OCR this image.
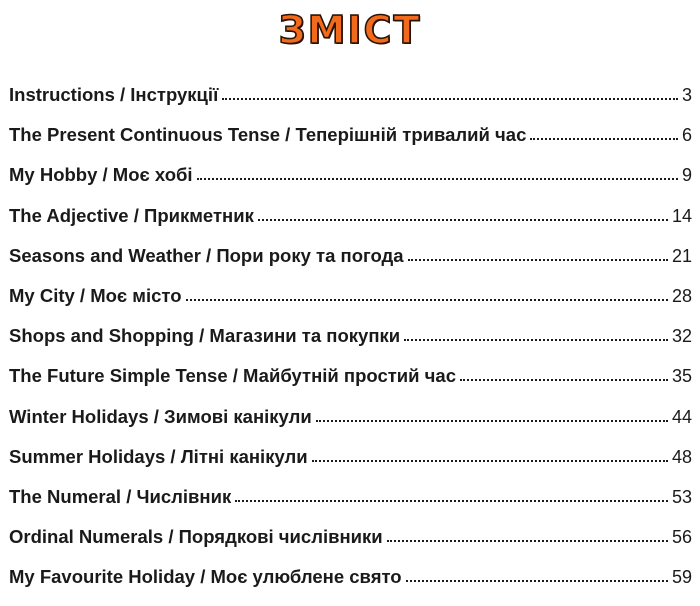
ЗМІСТ
Instructions / Інструкції	3
The Present Continuous Tense / Теперішній тривалий час	6
My Hobby / Моє хобі	9
The Adjective / Прикметник	14
Seasons and Weather / Пори року та погода	21
My City / Моє місто	28
Shops and Shopping / Магазини та покупки	32
The Future Simple Tense / Майбутній простий час	35
Winter Holidays / Зимові канікули	44
Summer Holidays / Літні канікули	48
The Numeral / Числівник	53
Ordinal Numerals / Порядкові числівники	56
My Favourite Holiday / Моє улюблене свято	59
